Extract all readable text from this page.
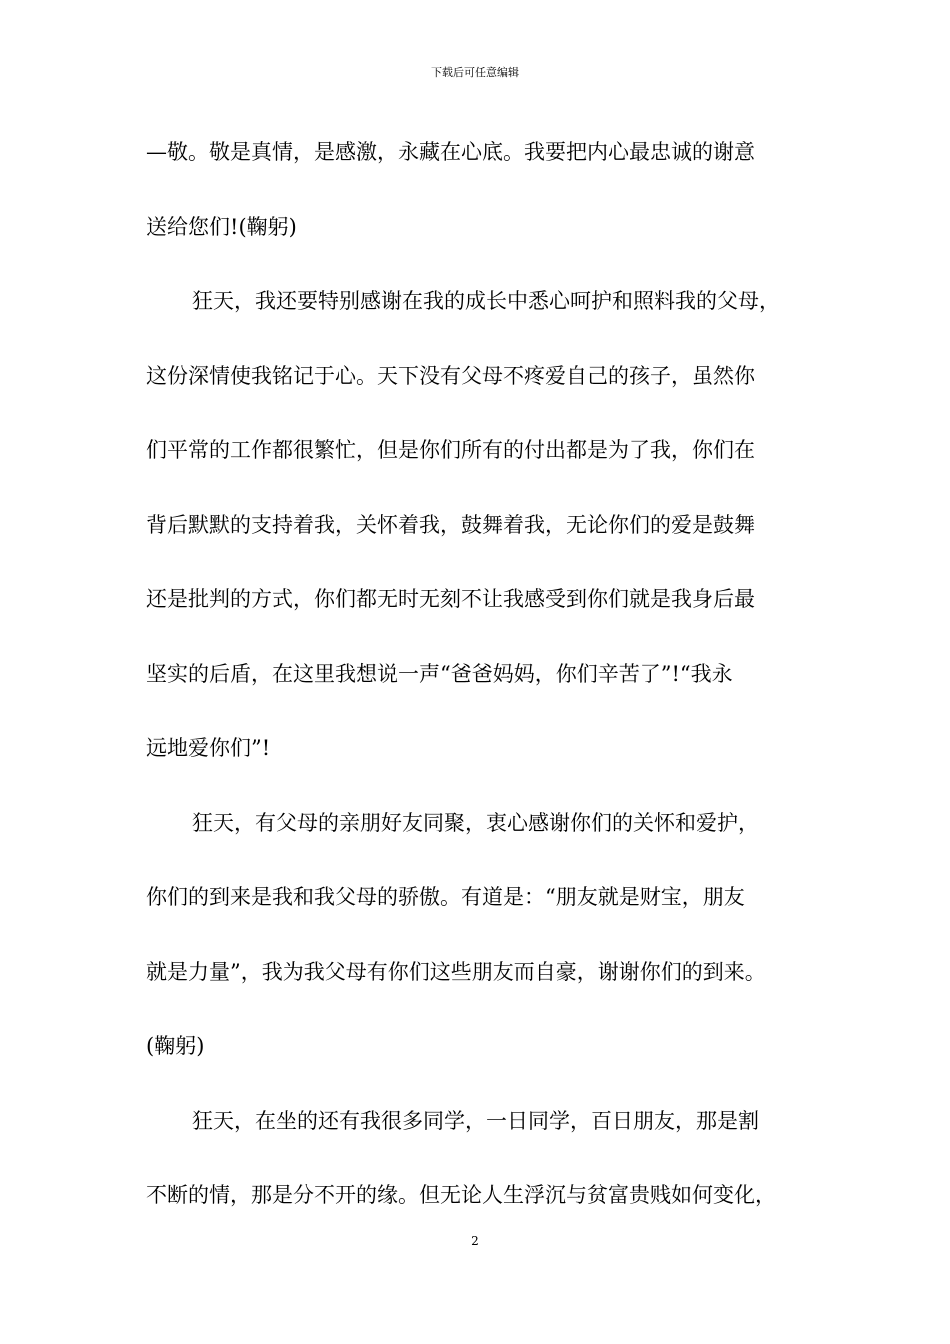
下载后可任意编辑
—敬。敬是真情，是感激，永藏在心底。我要把内心最忠诚的谢意
送给您们!(鞠躬)
狂天，我还要特别感谢在我的成长中悉心呵护和照料我的父母，
这份深情使我铭记于心。天下没有父母不疼爱自己的孩子，虽然你
们平常的工作都很繁忙，但是你们所有的付出都是为了我，你们在
背后默默的支持着我，关怀着我，鼓舞着我，无论你们的爱是鼓舞
还是批判的方式，你们都无时无刻不让我感受到你们就是我身后最
坚实的后盾，在这里我想说一声“爸爸妈妈，你们辛苦了”!“我永
远地爱你们”!
狂天，有父母的亲朋好友同聚，衷心感谢你们的关怀和爱护，
你们的到来是我和我父母的骄傲。有道是：“朋友就是财宝，朋友
就是力量”，我为我父母有你们这些朋友而自豪，谢谢你们的到来。
(鞠躬)
狂天，在坐的还有我很多同学，一日同学，百日朋友，那是割
不断的情，那是分不开的缘。但无论人生浮沉与贫富贵贱如何变化，
2
